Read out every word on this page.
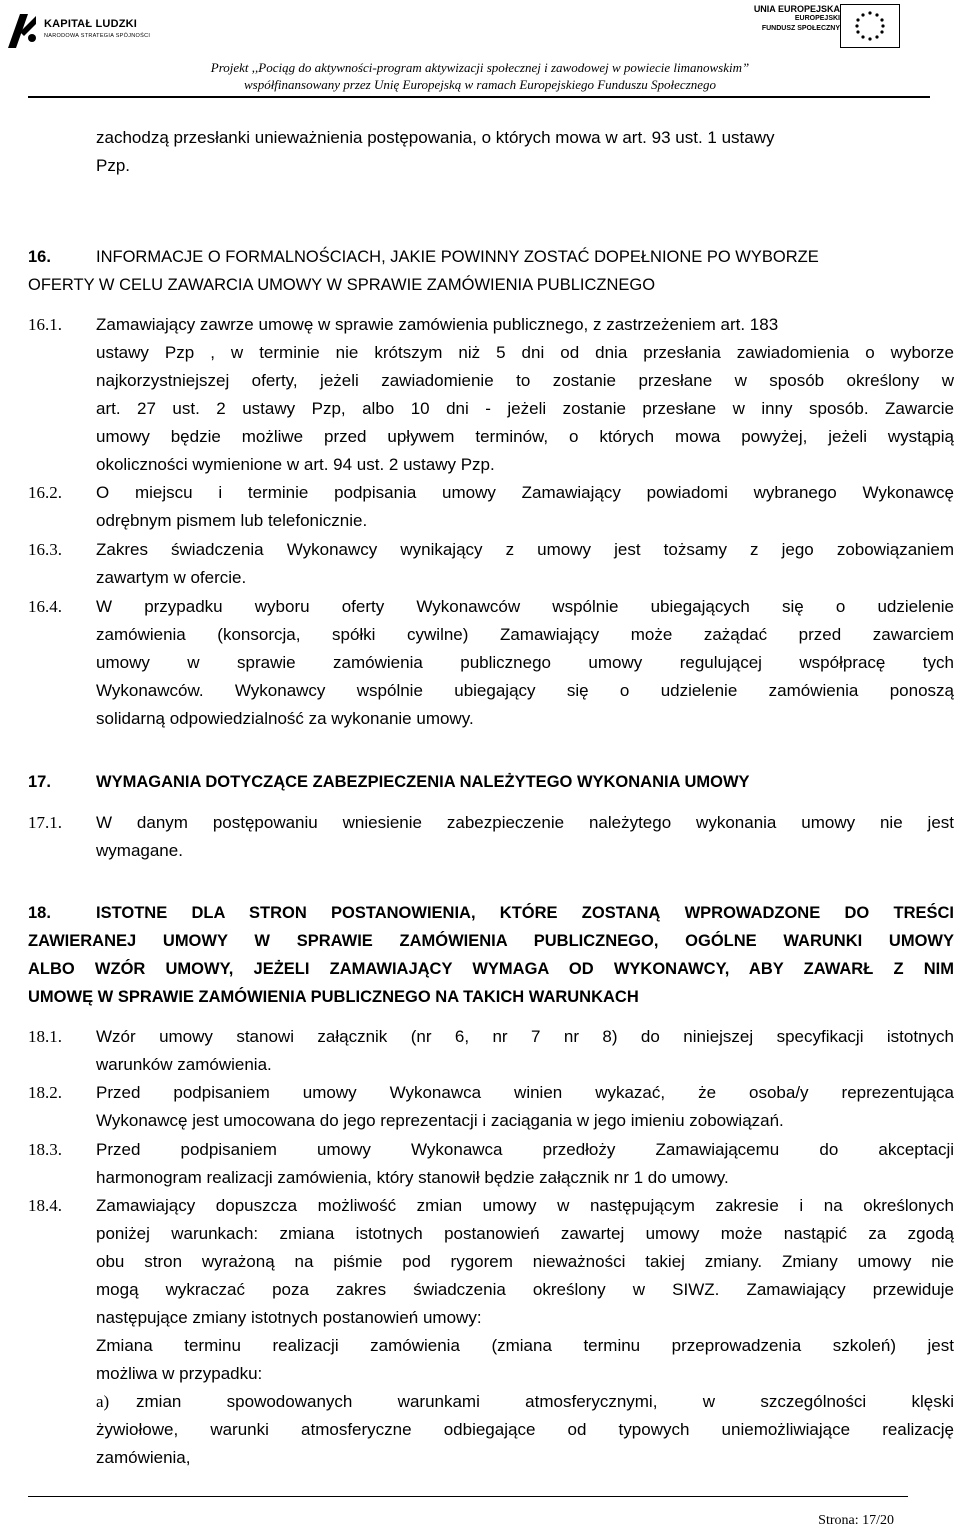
KAPITAŁ LUDZKI
NARODOWA STRATEGIA SPÓJNOŚCI
UNIA EUROPEJSKA
EUROPEJSKI
FUNDUSZ SPOŁECZNY
Projekt ,,Pociąg do aktywności-program aktywizacji społecznej i zawodowej w powiecie limanowskim”
współfinansowany przez Unię Europejską w ramach Europejskiego Funduszu Społecznego
zachodzą przesłanki unieważnienia postępowania, o których mowa w art. 93 ust. 1 ustawy
Pzp.
16.	INFORMACJE O FORMALNOŚCIACH, JAKIE POWINNY ZOSTAĆ DOPEŁNIONE PO WYBORZE
OFERTY W CELU ZAWARCIA UMOWY W SPRAWIE ZAMÓWIENIA PUBLICZNEGO
16.1. Zamawiający zawrze umowę w sprawie zamówienia publicznego, z zastrzeżeniem art. 183
ustawy Pzp , w terminie nie krótszym niż 5 dni od dnia przesłania zawiadomienia o wyborze
najkorzystniejszej oferty, jeżeli zawiadomienie to zostanie przesłane w sposób określony w
art. 27 ust. 2 ustawy Pzp, albo 10 dni - jeżeli zostanie przesłane w inny sposób. Zawarcie
umowy będzie możliwe przed upływem terminów, o których mowa powyżej, jeżeli wystąpią
okoliczności wymienione w art. 94 ust. 2 ustawy Pzp.
16.2. O miejscu i terminie podpisania umowy Zamawiający powiadomi wybranego Wykonawcę
odrębnym pismem lub telefonicznie.
16.3. Zakres świadczenia Wykonawcy wynikający z umowy jest tożsamy z jego zobowiązaniem
zawartym w ofercie.
16.4. W przypadku wyboru oferty Wykonawców wspólnie ubiegających się o udzielenie
zamówienia (konsorcja, spółki cywilne) Zamawiający może zażądać przed zawarciem
umowy w sprawie zamówienia publicznego umowy regulującej współpracę tych
Wykonawców. Wykonawcy wspólnie ubiegający się o udzielenie zamówienia ponoszą
solidarną odpowiedzialność za wykonanie umowy.
17.	WYMAGANIA DOTYCZĄCE ZABEZPIECZENIA NALEŻYTEGO WYKONANIA UMOWY
17.1. W danym postępowaniu wniesienie zabezpieczenie należytego wykonania umowy nie jest
wymagane.
18.	ISTOTNE DLA STRON POSTANOWIENIA, KTÓRE ZOSTANĄ WPROWADZONE DO TREŚCI
ZAWIERANEJ UMOWY W SPRAWIE ZAMÓWIENIA PUBLICZNEGO, OGÓLNE WARUNKI UMOWY
ALBO WZÓR UMOWY, JEŻELI ZAMAWIAJĄCY WYMAGA OD WYKONAWCY, ABY ZAWARŁ Z NIM
UMOWĘ W SPRAWIE ZAMÓWIENIA PUBLICZNEGO NA TAKICH WARUNKACH
18.1. Wzór umowy stanowi załącznik (nr 6, nr 7 nr 8) do niniejszej specyfikacji istotnych
warunków zamówienia.
18.2. Przed podpisaniem umowy Wykonawca winien wykazać, że osoba/y reprezentująca
Wykonawcę jest umocowana do jego reprezentacji i zaciągania w jego imieniu zobowiązań.
18.3. Przed podpisaniem umowy Wykonawca przedłoży Zamawiającemu do akceptacji
harmonogram realizacji zamówienia, który stanowił będzie załącznik nr 1 do umowy.
18.4. Zamawiający dopuszcza możliwość zmian umowy w następującym zakresie i na określonych
poniżej warunkach: zmiana istotnych postanowień zawartej umowy może nastąpić za zgodą
obu stron wyrażoną na piśmie pod rygorem nieważności takiej zmiany. Zmiany umowy nie
mogą wykraczać poza zakres świadczenia określony w SIWZ. Zamawiający przewiduje
następujące zmiany istotnych postanowień umowy:
Zmiana terminu realizacji zamówienia (zmiana terminu przeprowadzenia szkoleń) jest
możliwa w przypadku:
a) zmian spowodowanych warunkami atmosferycznymi, w szczególności klęski
żywiołowe, warunki atmosferyczne odbiegające od typowych uniemożliwiające realizację
zamówienia,
Strona: 17/20
